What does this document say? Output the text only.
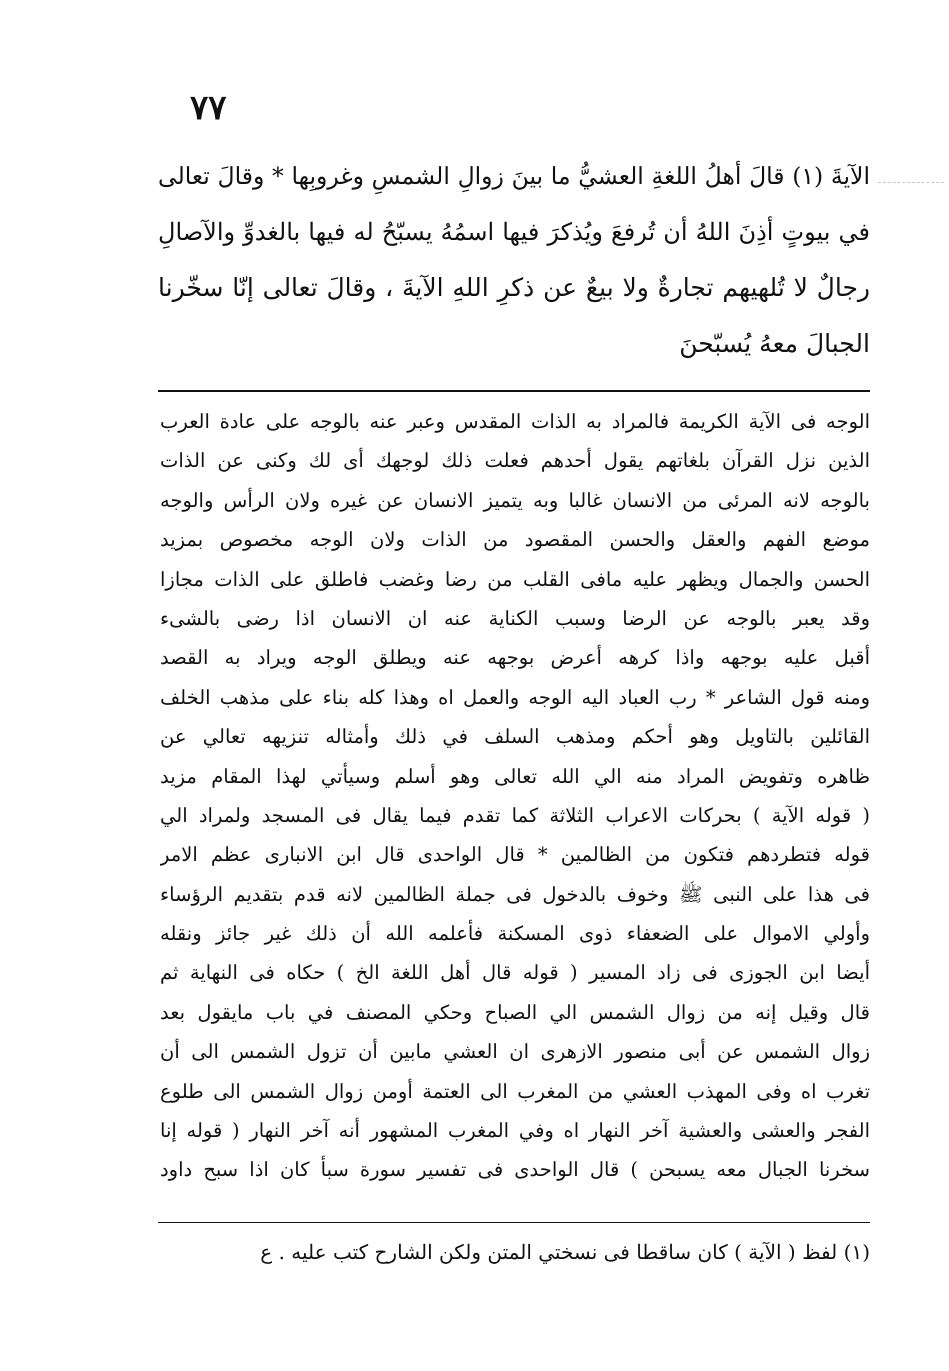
٧٧
الآيةَ (١) قالَ أهلُ اللغةِ العشيُّ ما بينَ زوالِ الشمسِ وغروبِها * وقالَ تعالى
في بيوتٍ أذِنَ اللهُ أن تُرفعَ ويُذكرَ فيها اسمُهُ يسبّحُ له فيها بالغدوِّ والآصالِ
رجالٌ لا تُلهيهم تجارةٌ ولا بيعٌ عن ذكرِ اللهِ الآيةَ ، وقالَ تعالى إنّا سخّرنا
الجبالَ معهُ يُسبّحنَ
الوجه فى الآية الكريمة فالمراد به الذات المقدس وعبر عنه بالوجه على عادة العرب
الذين نزل القرآن بلغاتهم يقول أحدهم فعلت ذلك لوجهك أى لك وكنى عن الذات
بالوجه لانه المرئى من الانسان غالبا وبه يتميز الانسان عن غيره ولان الرأس والوجه
موضع الفهم والعقل والحسن المقصود من الذات ولان الوجه مخصوص بمزيد
الحسن والجمال ويظهر عليه مافى القلب من رضا وغضب فاطلق على الذات مجازا
وقد يعبر بالوجه عن الرضا وسبب الكناية عنه ان الانسان اذا رضى بالشىء
أقبل عليه بوجهه واذا كرهه أعرض بوجهه عنه ويطلق الوجه ويراد به القصد
ومنه قول الشاعر * رب العباد اليه الوجه والعمل اه وهذا كله بناء على مذهب الخلف
القائلين بالتاويل وهو أحكم ومذهب السلف في ذلك وأمثاله تنزيهه تعالي عن
ظاهره وتفويض المراد منه الي الله تعالى وهو أسلم وسيأتي لهذا المقام مزيد
( قوله الآية ) بحركات الاعراب الثلاثة كما تقدم فيما يقال فى المسجد ولمراد الي
قوله فتطردهم فتكون من الظالمين * قال الواحدى قال ابن الانبارى عظم الامر
فى هذا على النبى ﷺ وخوف بالدخول فى جملة الظالمين لانه قدم بتقديم الرؤساء
وأولي الاموال على الضعفاء ذوى المسكنة فأعلمه الله أن ذلك غير جائز ونقله
أيضا ابن الجوزى فى زاد المسير ( قوله قال أهل اللغة الخ ) حكاه فى النهاية ثم
قال وقيل إنه من زوال الشمس الي الصباح وحكي المصنف في باب مايقول بعد
زوال الشمس عن أبى منصور الازهرى ان العشي مابين أن تزول الشمس الى أن
تغرب اه وفى المهذب العشي من المغرب الى العتمة أومن زوال الشمس الى طلوع
الفجر والعشى والعشية آخر النهار اه وفي المغرب المشهور أنه آخر النهار ( قوله إنا
سخرنا الجبال معه يسبحن ) قال الواحدى فى تفسير سورة سبأ كان اذا سبح داود
(١) لفظ ( الآية ) كان ساقطا فى نسختي المتن ولكن الشارح كتب عليه . ع
